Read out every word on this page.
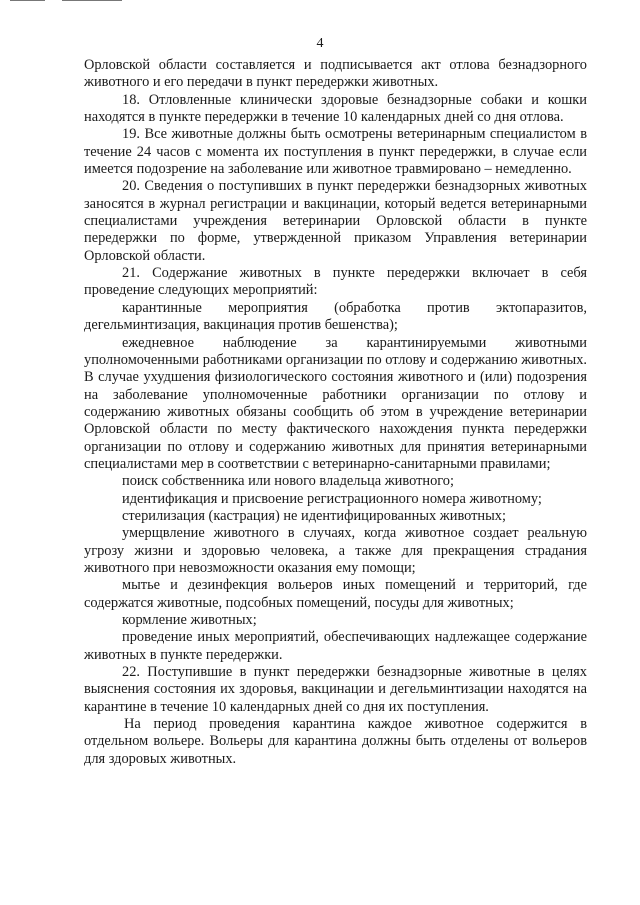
4

Орловской области составляется и подписывается акт отлова безнадзорного животного и его передачи в пункт передержки животных.

18. Отловленные клинически здоровые безнадзорные собаки и кошки находятся в пункте передержки в течение 10 календарных дней со дня отлова.

19. Все животные должны быть осмотрены ветеринарным специалистом в течение 24 часов с момента их поступления в пункт передержки, в случае если имеется подозрение на заболевание или животное травмировано – немедленно.

20. Сведения о поступивших в пункт передержки безнадзорных животных заносятся в журнал регистрации и вакцинации, который ведется ветеринарными специалистами учреждения ветеринарии Орловской области в пункте передержки по форме, утвержденной приказом Управления ветеринарии Орловской области.

21. Содержание животных в пункте передержки включает в себя проведение следующих мероприятий:

карантинные мероприятия (обработка против эктопаразитов, дегельминтизация, вакцинация против бешенства);

ежедневное наблюдение за карантинируемыми животными уполномоченными работниками организации по отлову и содержанию животных. В случае ухудшения физиологического состояния животного и (или) подозрения на заболевание уполномоченные работники организации по отлову и содержанию животных обязаны сообщить об этом в учреждение ветеринарии Орловской области по месту фактического нахождения пункта передержки организации по отлову и содержанию животных для принятия ветеринарными специалистами мер в соответствии с ветеринарно-санитарными правилами;

поиск собственника или нового владельца животного;

идентификация и присвоение регистрационного номера животному;

стерилизация (кастрация) не идентифицированных животных;

умерщвление животного в случаях, когда животное создает реальную угрозу жизни и здоровью человека, а также для прекращения страдания животного при невозможности оказания ему помощи;

мытье и дезинфекция вольеров иных помещений и территорий, где содержатся животные, подсобных помещений, посуды для животных;

кормление животных;

проведение иных мероприятий, обеспечивающих надлежащее содержание животных в пункте передержки.

22. Поступившие в пункт передержки безнадзорные животные в целях выяснения состояния их здоровья, вакцинации и дегельминтизации находятся на карантине в течение 10 календарных дней со дня их поступления.

На период проведения карантина каждое животное содержится в отдельном вольере. Вольеры для карантина должны быть отделены от вольеров для здоровых животных.
